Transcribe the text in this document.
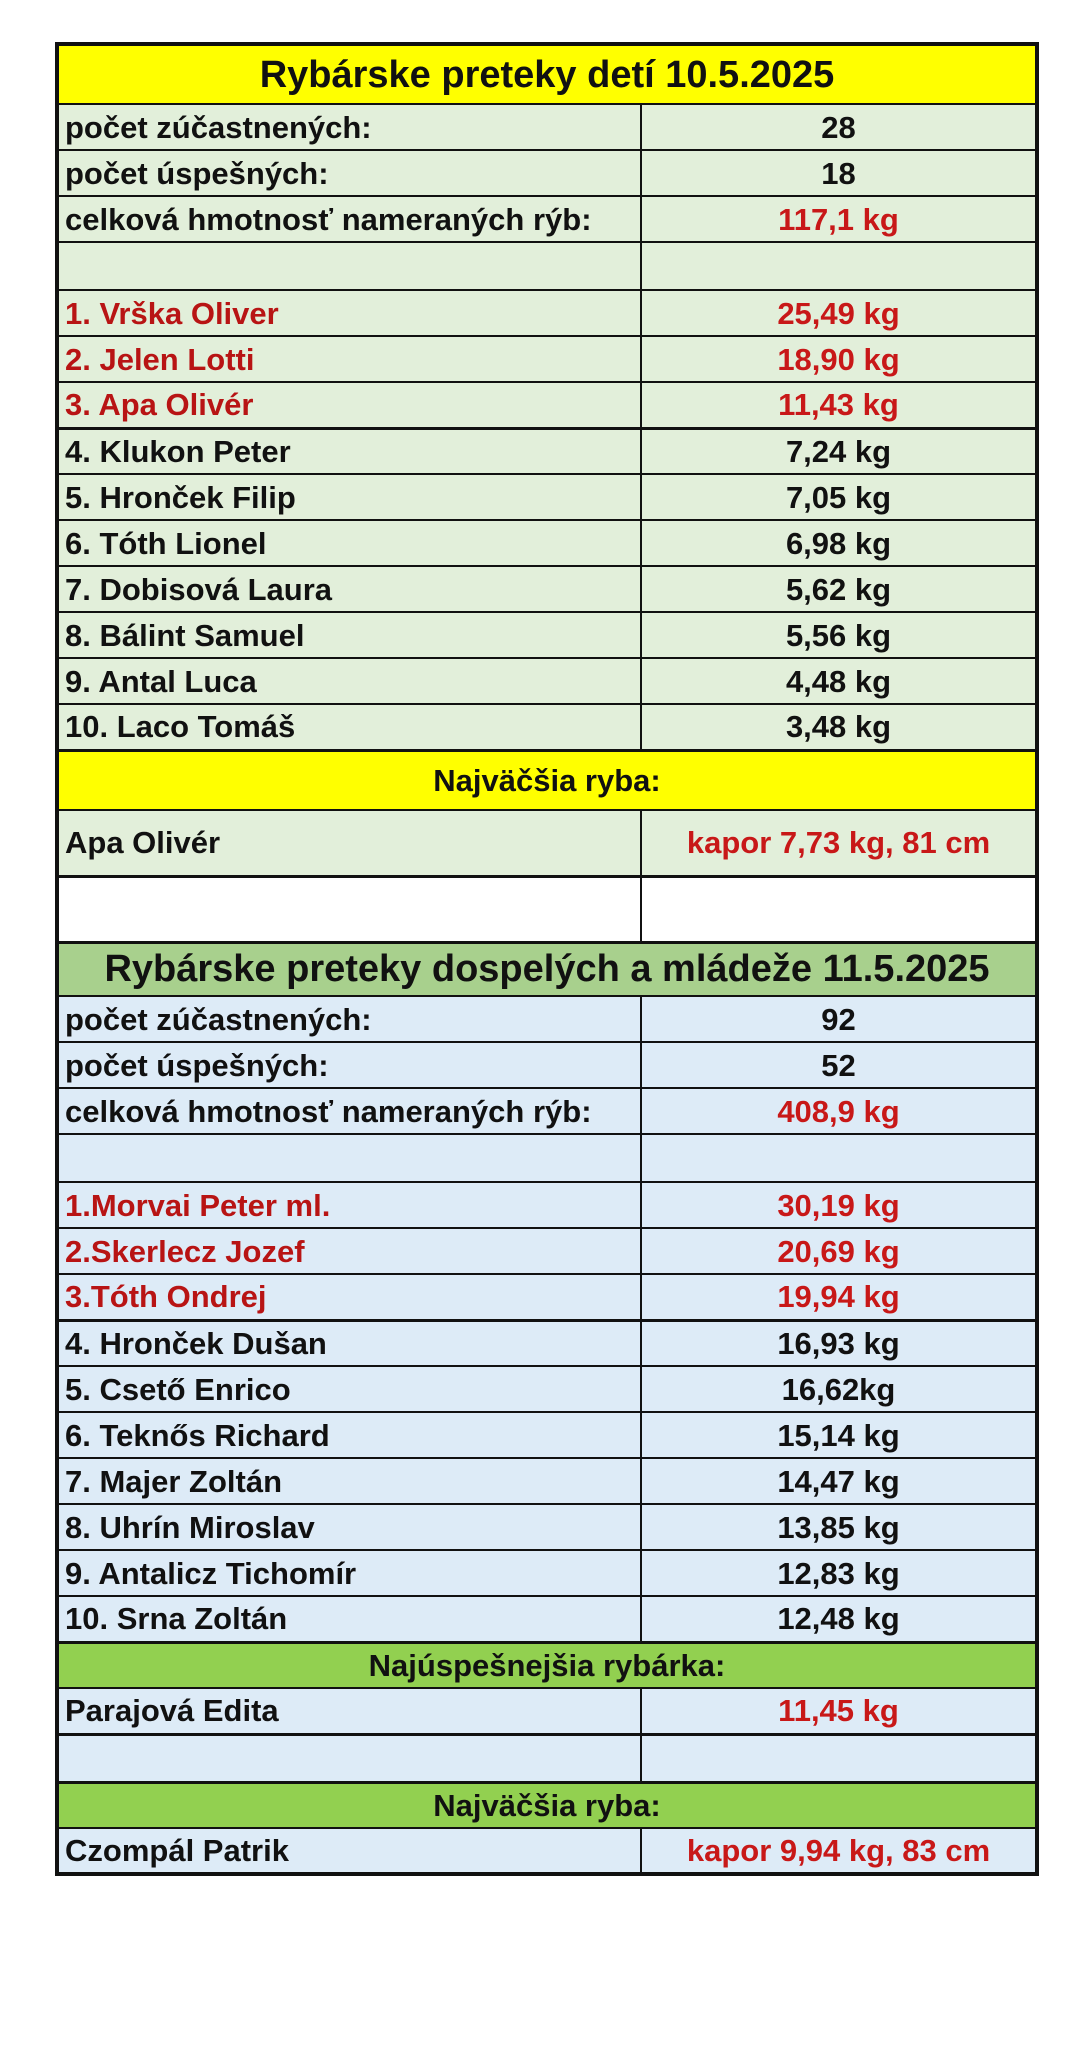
Rybárske preteky detí 10.5.2025	
počet zúčastnených:	28
počet úspešných:	18
celková hmotnosť nameraných rýb:	117,1 kg

1. Vrška Oliver	25,49 kg
2. Jelen Lotti	18,90 kg
3. Apa Olivér	11,43 kg
4. Klukon Peter	7,24 kg
5. Hronček Filip	7,05 kg
6. Tóth Lionel	6,98 kg
7. Dobisová Laura	5,62 kg
8. Bálint Samuel	5,56 kg
9. Antal Luca	4,48 kg
10. Laco Tomáš	3,48 kg
Najväčšia ryba:	
Apa Olivér	kapor 7,73 kg, 81 cm

Rybárske preteky dospelých a mládeže 11.5.2025	
počet zúčastnených:	92
počet úspešných:	52
celková hmotnosť nameraných rýb:	408,9 kg

1.Morvai Peter ml.	30,19 kg
2.Skerlecz Jozef	20,69 kg
3.Tóth Ondrej	19,94 kg
4. Hronček Dušan	16,93 kg
5. Csető Enrico	16,62kg
6. Teknős Richard	15,14 kg
7. Majer Zoltán	14,47 kg
8. Uhrín Miroslav	13,85 kg
9. Antalicz Tichomír	12,83 kg
10. Srna Zoltán	12,48 kg
Najúspešnejšia rybárka:	
Parajová Edita	11,45 kg

Najväčšia ryba:	
Czompál Patrik	kapor 9,94 kg, 83 cm
